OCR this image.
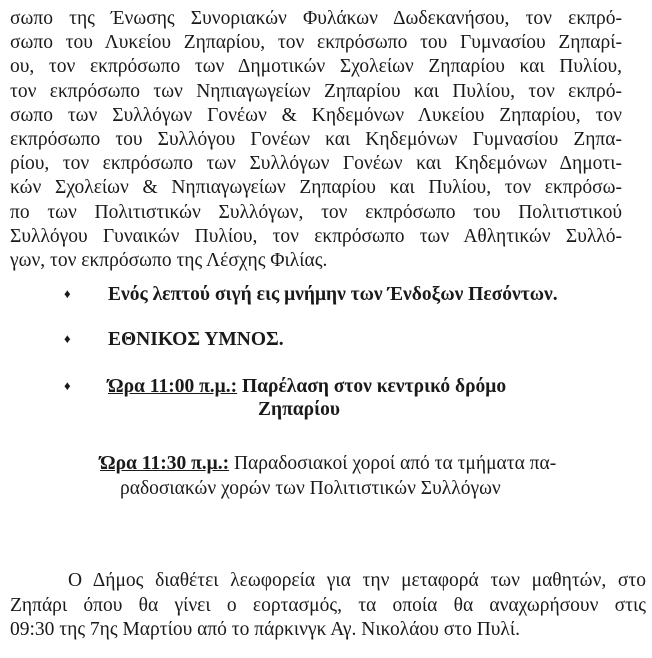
σωπο της Ένωσης Συνοριακών Φυλάκων Δωδεκανήσου, τον εκπρό-
σωπο του Λυκείου Ζηπαρίου, τον εκπρόσωπο του Γυμνασίου Ζηπαρί-
ου, τον εκπρόσωπο των Δημοτικών Σχολείων Ζηπαρίου και Πυλίου,
τον εκπρόσωπο των Νηπιαγωγείων Ζηπαρίου και Πυλίου, τον εκπρό-
σωπο των Συλλόγων Γονέων & Κηδεμόνων Λυκείου Ζηπαρίου, τον
εκπρόσωπο του Συλλόγου Γονέων και Κηδεμόνων Γυμνασίου Ζηπα-
ρίου, τον εκπρόσωπο των Συλλόγων Γονέων και Κηδεμόνων Δημοτι-
κών Σχολείων & Νηπιαγωγείων Ζηπαρίου και Πυλίου, τον εκπρόσω-
πο των Πολιτιστικών Συλλόγων, τον εκπρόσωπο του Πολιτιστικού
Συλλόγου Γυναικών Πυλίου, τον εκπρόσωπο των Αθλητικών Συλλό-
γων, τον εκπρόσωπο της Λέσχης Φιλίας.
♦ Ενός λεπτού σιγή εις μνήμην των Ένδοξων Πεσόντων.
♦ ΕΘΝΙΚΟΣ ΥΜΝΟΣ.
♦ Ώρα 11:00 π.μ.: Παρέλαση στον κεντρικό δρόμο
Ζηπαρίου
Ώρα 11:30 π.μ.: Παραδοσιακοί χοροί από τα τμήματα πα-
ραδοσιακών χορών των Πολιτιστικών Συλλόγων
Ο Δήμος διαθέτει λεωφορεία για την μεταφορά των μαθητών, στο
Ζηπάρι όπου θα γίνει ο εορτασμός, τα οποία θα αναχωρήσουν στις
09:30 της 7ης Μαρτίου από το πάρκινγκ Αγ. Νικολάου στο Πυλί.
